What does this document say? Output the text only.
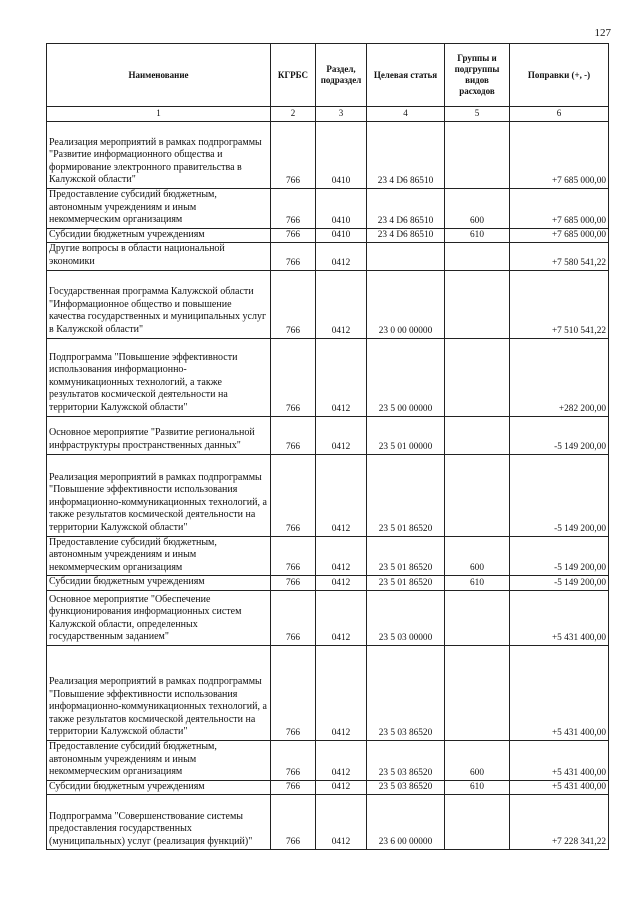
127
Наименование	КГРБС	Раздел, подраздел	Целевая статья	Группы и подгруппы видов расходов	Поправки (+, -)
1	2	3	4	5	6
Реализация мероприятий в рамках подпрограммы "Развитие информационного общества и формирование электронного правительства в Калужской области"	766	0410	23 4 D6 86510		+7 685 000,00
Предоставление субсидий бюджетным, автономным учреждениям и иным некоммерческим организациям	766	0410	23 4 D6 86510	600	+7 685 000,00
Субсидии бюджетным учреждениям	766	0410	23 4 D6 86510	610	+7 685 000,00
Другие вопросы в области национальной экономики	766	0412			+7 580 541,22
Государственная программа Калужской области "Информационное общество и повышение качества государственных и муниципальных услуг в Калужской области"	766	0412	23 0 00 00000		+7 510 541,22
Подпрограмма "Повышение эффективности использования информационно-коммуникационных технологий, а также результатов космической деятельности на территории Калужской области"	766	0412	23 5 00 00000		+282 200,00
Основное мероприятие "Развитие региональной инфраструктуры пространственных данных"	766	0412	23 5 01 00000		-5 149 200,00
Реализация мероприятий в рамках подпрограммы "Повышение эффективности использования информационно-коммуникационных технологий, а также результатов космической деятельности на территории Калужской области"	766	0412	23 5 01 86520		-5 149 200,00
Предоставление субсидий бюджетным, автономным учреждениям и иным некоммерческим организациям	766	0412	23 5 01 86520	600	-5 149 200,00
Субсидии бюджетным учреждениям	766	0412	23 5 01 86520	610	-5 149 200,00
Основное мероприятие "Обеспечение функционирования информационных систем Калужской области, определенных государственным заданием"	766	0412	23 5 03 00000		+5 431 400,00
Реализация мероприятий в рамках подпрограммы "Повышение эффективности использования информационно-коммуникационных технологий, а также результатов космической деятельности на территории Калужской области"	766	0412	23 5 03 86520		+5 431 400,00
Предоставление субсидий бюджетным, автономным учреждениям и иным некоммерческим организациям	766	0412	23 5 03 86520	600	+5 431 400,00
Субсидии бюджетным учреждениям	766	0412	23 5 03 86520	610	+5 431 400,00
Подпрограмма "Совершенствование системы предоставления государственных (муниципальных) услуг (реализация функций)"	766	0412	23 6 00 00000		+7 228 341,22
